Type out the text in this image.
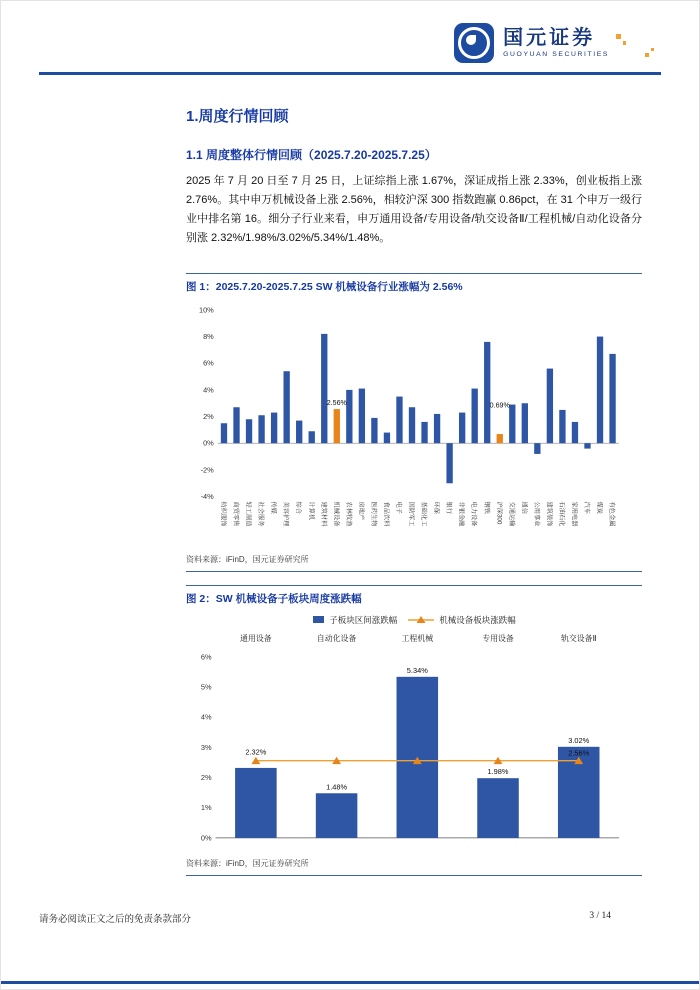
国元证券
GUOYUAN SECURITIES
1.周度行情回顾
1.1 周度整体行情回顾（2025.7.20-2025.7.25）

2025 年 7 月 20 日至 7 月 25 日，上证综指上涨 1.67%，深证成指上涨 2.33%，创业板指上涨 2.76%。其中申万机械设备上涨 2.56%，相较沪深 300 指数跑赢 0.86pct，在 31 个申万一级行业中排名第 16。细分子行业来看，申万通用设备/专用设备/轨交设备Ⅱ/工程机械/自动化设备分别涨 2.32%/1.98%/3.02%/5.34%/1.48%。

图 1：2025.7.20-2025.7.25 SW 机械设备行业涨幅为 2.56%
10%
8%
6%
4%
2%
0%
-2%
-4%
纺织服饰 商贸零售 轻工制造 社会服务 传媒 美容护理 综合 计算机 建筑材料 机械设备 农林牧渔 房地产 医药生物 食品饮料 电子 国防军工 基础化工 环保 银行 非银金融 电力设备 钢铁 沪深300 交通运输 通信 公用事业 建筑装饰 石油石化 家用电器 汽车 煤炭 有色金属
2.56%	0.69%
资料来源：iFinD，国元证券研究所
图 2：SW 机械设备子板块周度涨跌幅
子板块区间涨跌幅	机械设备板块涨跌幅
6%
5%
4%
3%
2%
1%
0%
通用设备	自动化设备	工程机械	专用设备	轨交设备Ⅱ
2.32%
1.48%
5.34%
1.98%
3.02%
2.56%
资料来源：iFinD，国元证券研究所
请务必阅读正文之后的免责条款部分	3 / 14
